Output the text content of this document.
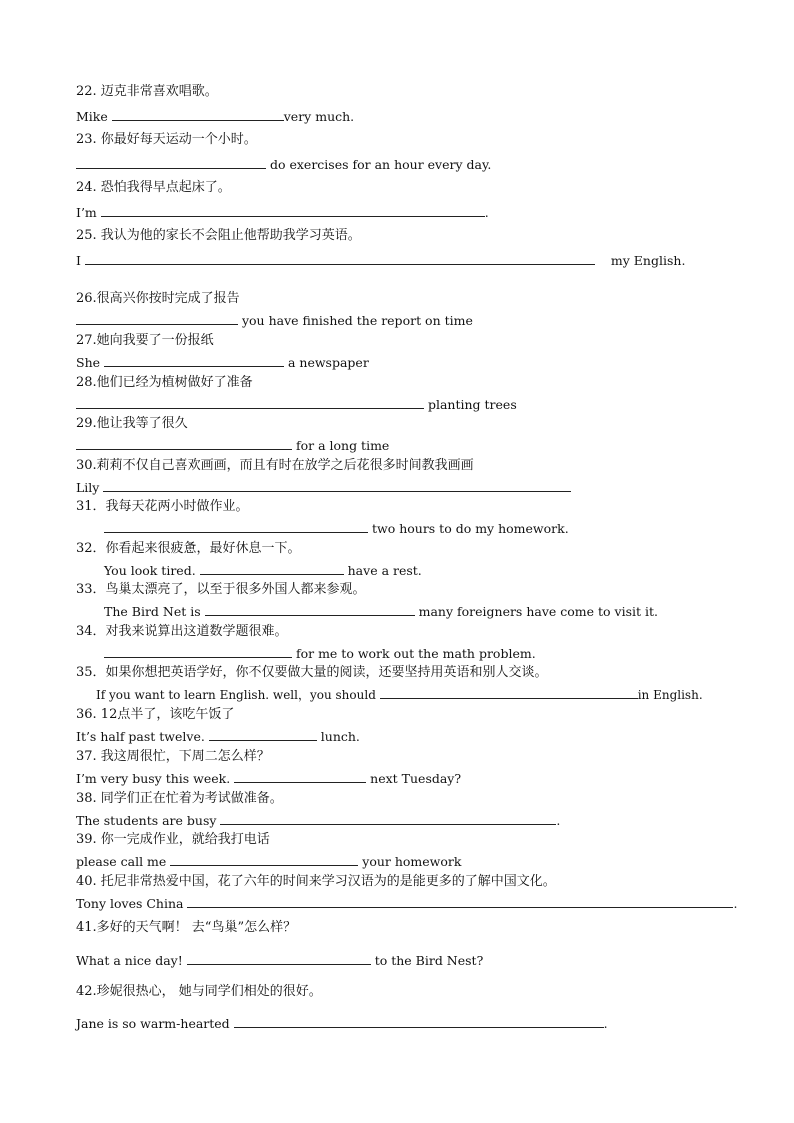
22. 迈克非常喜欢唱歌。
Mike	very much.
23. 你最好每天运动一个小时。
do exercises for an hour every day.
24. 恐怕我得早点起床了。
I’m	.
25. 我认为他的家长不会阻止他帮助我学习英语。
I	my English.
26.很高兴你按时完成了报告
you have finished the report on time
27.她向我要了一份报纸
She	a newspaper
28.他们已经为植树做好了准备
planting trees
29.他让我等了很久
for a long time
30.莉莉不仅自己喜欢画画，而且有时在放学之后花很多时间教我画画
Lily
31．我每天花两小时做作业。
two hours to do my homework.
32．你看起来很疲惫，最好休息一下。
You look tired.	have a rest.
33．鸟巢太漂亮了，以至于很多外国人都来参观。
The Bird Net is	many foreigners have come to visit it.
34．对我来说算出这道数学题很难。
for me to work out the math problem.
35．如果你想把英语学好，你不仅要做大量的阅读，还要坚持用英语和别人交谈。
If you want to learn English. well，you should	in English.
36. 12点半了，该吃午饭了
It’s half past twelve.	lunch.
37. 我这周很忙，下周二怎么样？
I’m very busy this week.	next Tuesday?
38. 同学们正在忙着为考试做准备。
The students are busy	.
39. 你一完成作业，就给我打电话
please call me	your homework
40. 托尼非常热爱中国，花了六年的时间来学习汉语为的是能更多的了解中国文化。
Tony loves China	.
41.多好的天气啊！ 去“鸟巢”怎么样？
What a nice day!	to the Bird Nest?
42.珍妮很热心， 她与同学们相处的很好。
Jane is so warm-hearted	.
